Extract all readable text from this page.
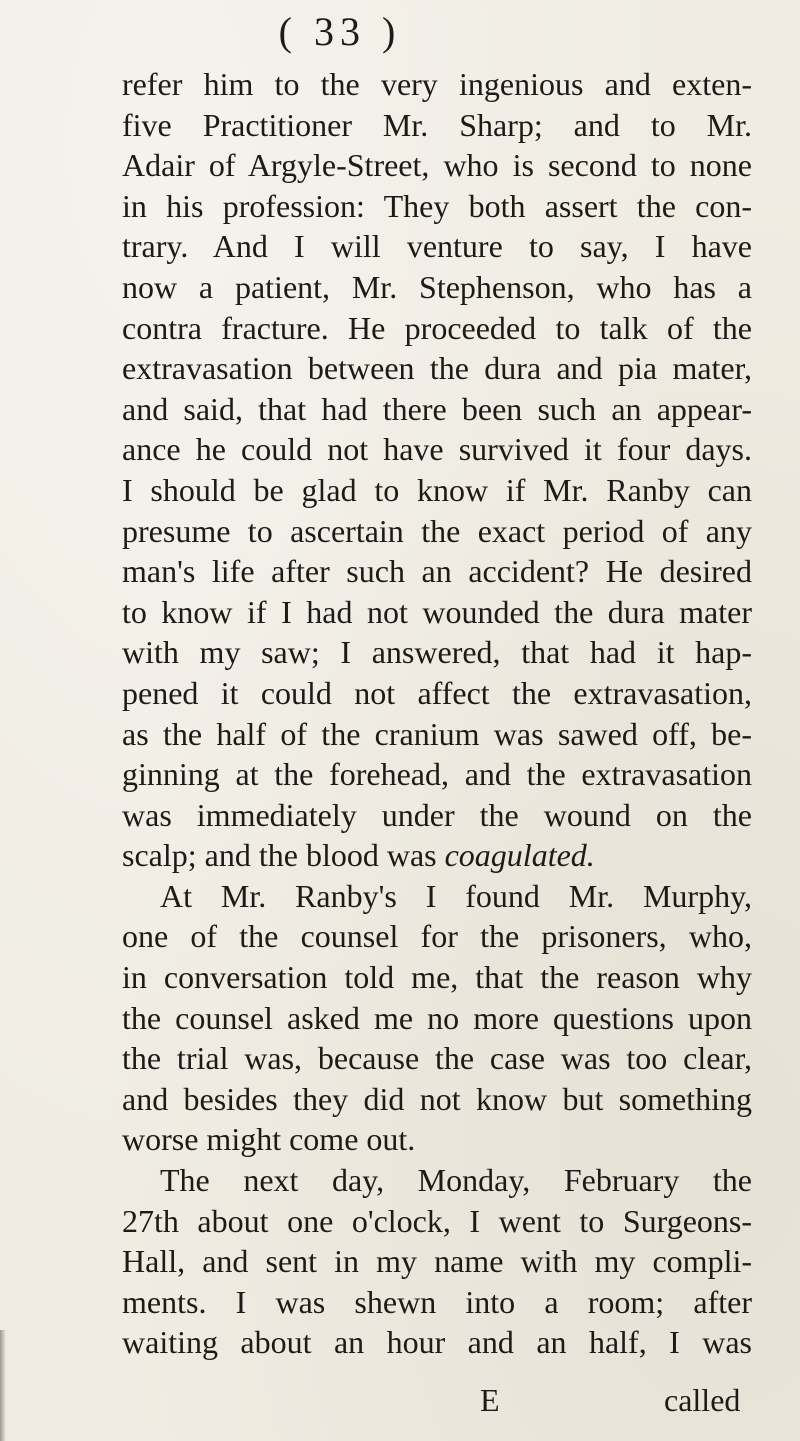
( 33 )
refer him to the very ingenious and exten-
five Practitioner Mr. Sharp; and to Mr.
Adair of Argyle-Street, who is second to none
in his profession: They both assert the con-
trary. And I will venture to say, I have
now a patient, Mr. Stephenson, who has a
contra fracture. He proceeded to talk of the
extravasation between the dura and pia mater,
and said, that had there been such an appear-
ance he could not have survived it four days.
I should be glad to know if Mr. Ranby can
presume to ascertain the exact period of any
man's life after such an accident? He desired
to know if I had not wounded the dura mater
with my saw; I answered, that had it hap-
pened it could not affect the extravasation,
as the half of the cranium was sawed off, be-
ginning at the forehead, and the extravasation
was immediately under the wound on the
scalp; and the blood was coagulated.
At Mr. Ranby's I found Mr. Murphy,
one of the counsel for the prisoners, who,
in conversation told me, that the reason why
the counsel asked me no more questions upon
the trial was, because the case was too clear,
and besides they did not know but something
worse might come out.
The next day, Monday, February the
27th about one o'clock, I went to Surgeons-
Hall, and sent in my name with my compli-
ments. I was shewn into a room; after
waiting about an hour and an half, I was
E	called
